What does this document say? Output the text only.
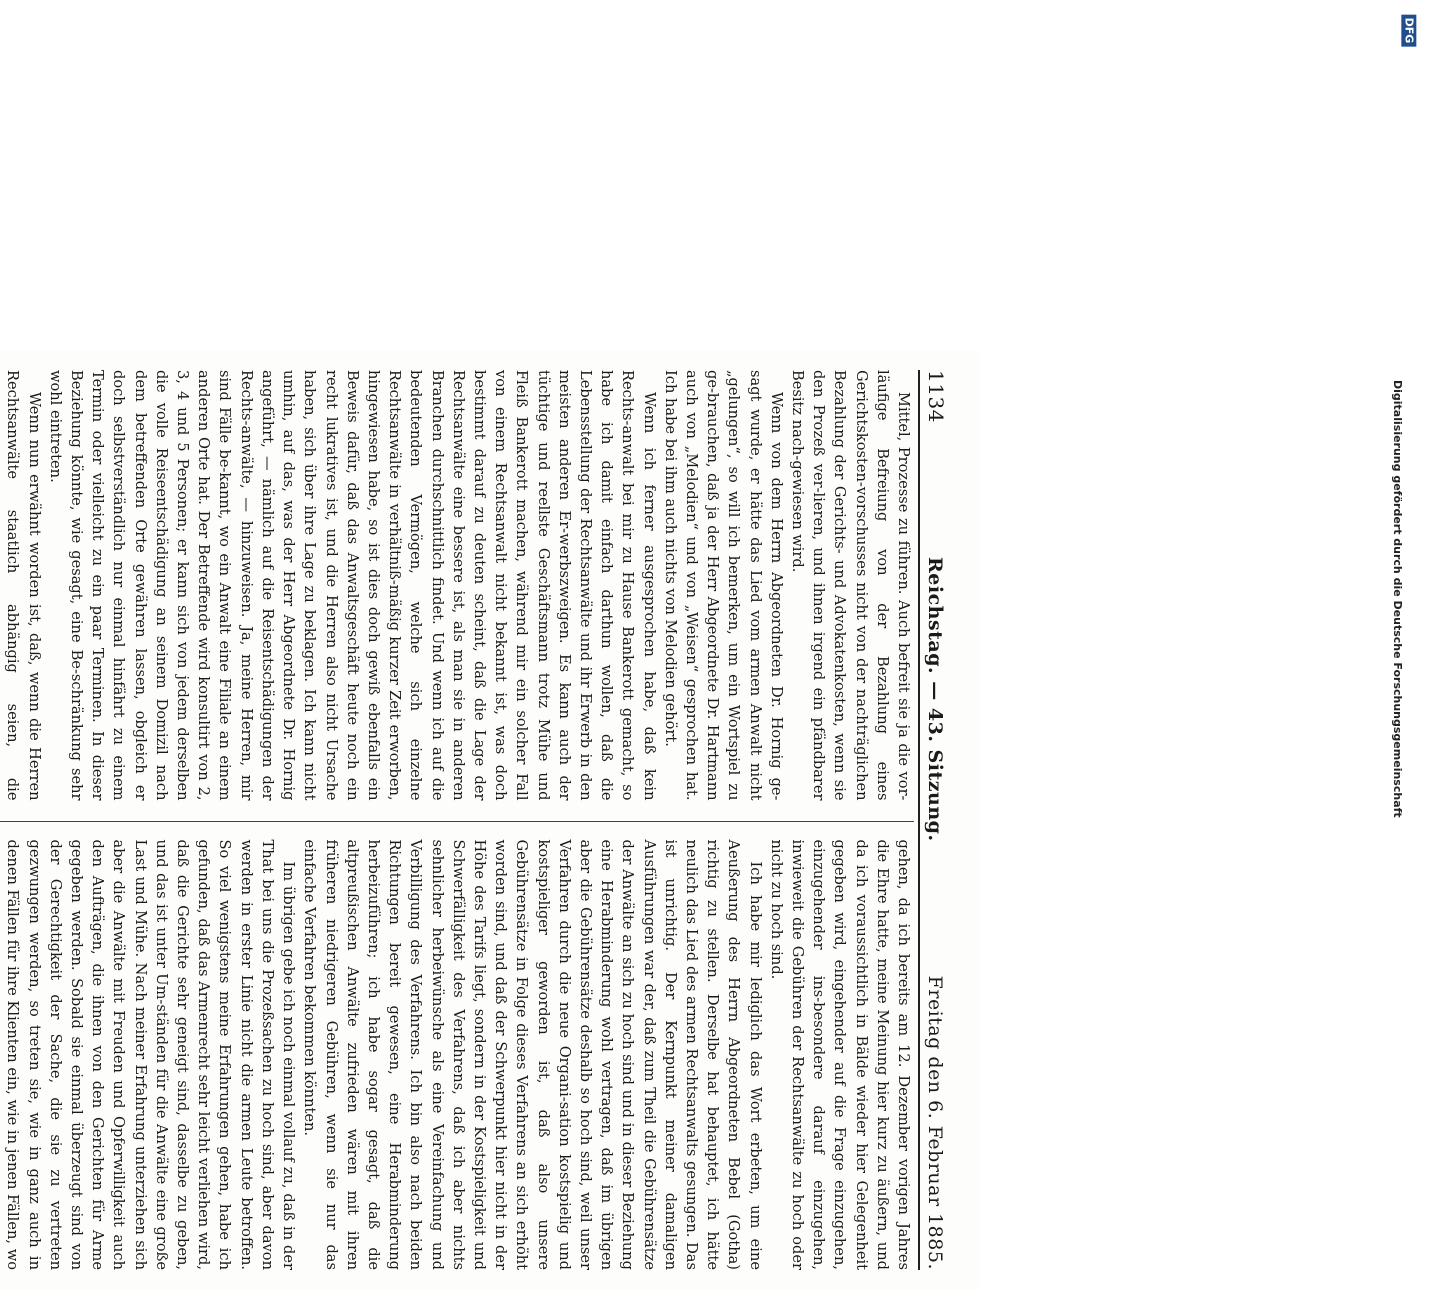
1134
Reichstag. — 43. Sitzung.
Freitag den 6. Februar 1885.

Mittel, Prozesse zu führen. Auch befreit sie ja die vor-läufige Befreiung von der Bezahlung eines Gerichtskosten-vorschusses nicht von der nachträglichen Bezahlung der Gerichts- und Advokatenkosten, wenn sie den Prozeß ver-lieren, und ihnen irgend ein pfändbarer Besitz nach-gewiesen wird.

Wenn von dem Herrn Abgeordneten Dr. Hornig ge-sagt wurde, er hätte das Lied vom armen Anwalt nicht „gelungen“, so will ich bemerken, um ein Wortspiel zu ge-brauchen, daß ja der Herr Abgeordnete Dr. Hartmann auch von „Melodien“ und von „Weisen“ gesprochen hat. Ich habe bei ihm auch nichts von Melodien gehört.

Wenn ich ferner ausgesprochen habe, daß kein Rechts-anwalt bei mir zu Hause Bankerott gemacht, so habe ich damit einfach darthun wollen, daß die Lebensstellung der Rechtsanwälte und ihr Erwerb in den meisten anderen Er-werbszweigen. Es kann auch der tüchtige und reellste Geschäftsmann trotz Mühe und Fleiß Bankerott machen, während mir ein solcher Fall von einem Rechtsanwalt nicht bekannt ist, was doch bestimmt darauf zu deuten scheint, daß die Lage der Rechtsanwälte eine bessere ist, als man sie in anderen Branchen durchschnittlich findet. Und wenn ich auf die bedeutenden Vermögen, welche sich einzelne Rechtsanwälte in verhältniß-mäßig kurzer Zeit erworben, hingewiesen habe, so ist dies doch gewiß ebenfalls ein Beweis dafür, daß das Anwaltsgeschäft heute noch ein recht lukratives ist, und die Herren also nicht Ursache haben, sich über ihre Lage zu beklagen. Ich kann nicht umhin, auf das, was der Herr Abgeordnete Dr. Hornig angeführt, — nämlich auf die Reisentschädigungen der Rechts-anwälte, — hinzuweisen. Ja, meine Herren, mir sind Fälle be-kannt, wo ein Anwalt eine Filiale an einem anderen Orte hat. Der Betreffende wird konsultirt von 2, 3, 4 und 5 Personen; er kann sich von jedem derselben die volle Reiseentschädigung an seinem Domizil nach dem betreffenden Orte gewähren lassen, obgleich er doch selbstverständlich nur einmal hinfährt zu einem Termin oder vielleicht zu ein paar Terminen. In dieser Beziehung könnte, wie gesagt, eine Be-schränkung sehr wohl eintreten.

Wenn nun erwähnt worden ist, daß, wenn die Herren Rechtsanwälte staatlich abhängig seien, die

gehen, da ich bereits am 12. Dezember vorigen Jahres die Ehre hatte, meine Meinung hier kurz zu äußern, und da ich voraussichtlich in Bälde wieder hier Gelegenheit gegeben wird, eingehender auf die Frage einzugehen, einzugehender ins-besondere darauf einzugehen, inwieweit die Gebühren der Rechtsanwälte zu hoch oder nicht zu hoch sind.

Ich habe mir lediglich das Wort erbeten, um eine Aeußerung des Herrn Abgeordneten Bebel (Gotha) richtig zu stellen. Derselbe hat behauptet, ich hätte neulich das Lied des armen Rechtsanwalts gesungen. Das ist unrichtig. Der Kernpunkt meiner damaligen Ausführungen war der, daß zum Theil die Gebührensätze der Anwälte an sich zu hoch sind und in dieser Beziehung eine Herabminderung wohl vertragen, daß im übrigen aber die Gebührensätze deshalb so hoch sind, weil unser Verfahren durch die neue Organi-sation kostspielig und kostspieliger geworden ist, daß also unsere Gebührensätze in Folge dieses Verfahrens an sich erhöht worden sind, und daß der Schwerpunkt hier nicht in der Höhe des Tarifs liegt, sondern in der Kostspieligkeit und Schwerfälligkeit des Verfahrens, daß ich aber nichts sehnlicher herbeiwünsche als eine Vereinfachung und Verbilligung des Verfahrens. Ich bin also nach beiden Richtungen bereit gewesen, eine Herabminderung herbeizuführen; ich habe sogar gesagt, daß die altpreußischen Anwälte zufrieden wären mit ihren früheren niedrigeren Gebühren, wenn sie nur das einfache Verfahren bekommen könnten.

Im übrigen gebe ich noch einmal vollauf zu, daß in der That bei uns die Prozeßsachen zu hoch sind, aber davon werden in erster Linie nicht die armen Leute betroffen. So viel wenigstens meine Erfahrungen gehen, habe ich gefunden, daß das Armenrecht sehr leicht verliehen wird, daß die Gerichte sehr geneigt sind, dasselbe zu geben, und das ist unter Um-ständen für die Anwälte eine große Last und Mühe. Nach meiner Erfahrung unterziehen sich aber die Anwälte mit Freuden und Opferwilligkeit auch den Aufträgen, die ihnen von den Gerichten für Arme gegeben werden. Sobald sie einmal überzeugt sind von der Gerechtigkeit der Sache, die sie zu vertreten gezwungen werden, so treten sie, wie in ganz auch in denen Fällen für ihre Klienten ein, wie in jenen Fällen, wo

DFG
Digitalisierung gefördert durch die Deutsche Forschungsgemeinschaft
